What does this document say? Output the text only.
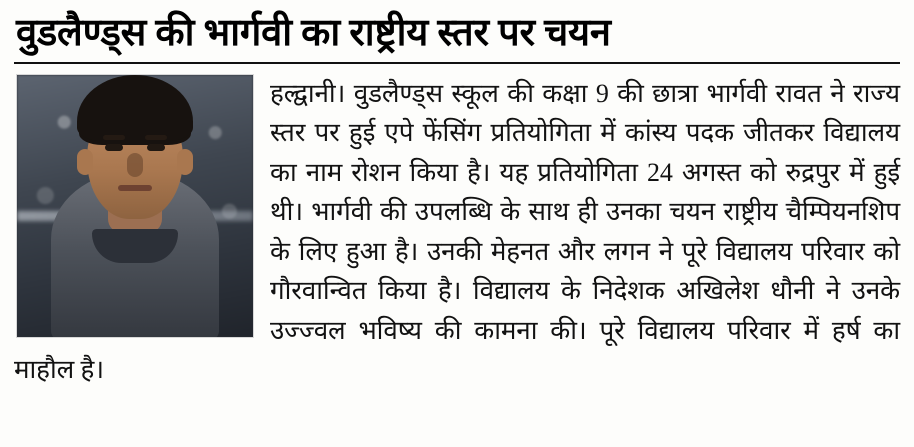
वुडलैण्ड्स की भार्गवी का राष्ट्रीय स्तर पर चयन

हल्द्वानी। वुडलैण्ड्स स्कूल की कक्षा 9 की छात्रा भार्गवी रावत ने राज्य स्तर पर हुई एपे फेंसिंग प्रतियोगिता में कांस्य पदक जीतकर विद्यालय का नाम रोशन किया है। यह प्रतियोगिता 24 अगस्त को रुद्रपुर में हुई थी। भार्गवी की उपलब्धि के साथ ही उनका चयन राष्ट्रीय चैम्पियनशिप के लिए हुआ है। उनकी मेहनत और लगन ने पूरे विद्यालय परिवार को गौरवान्वित किया है। विद्यालय के निदेशक अखिलेश धौनी ने उनके उज्ज्वल भविष्य की कामना की। पूरे विद्यालय परिवार में हर्ष का माहौल है।
